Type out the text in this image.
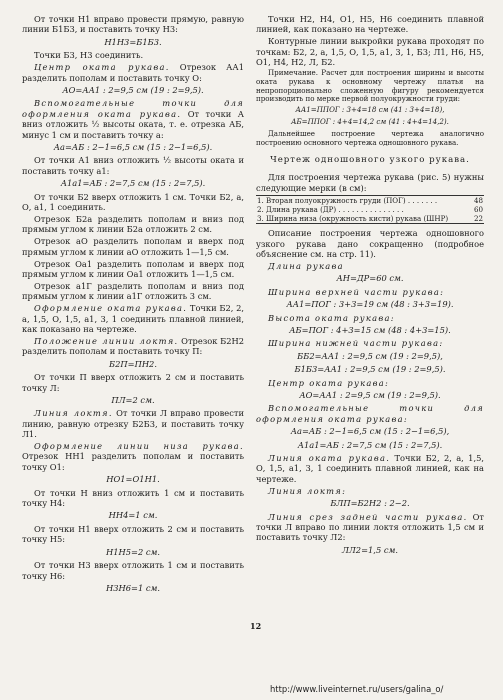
От точки Н1 вправо провести прямую, равную линии Б1Б3, и поставить точку Н3:

Н1Н3=Б1Б3.

Точки Б3, Н3 соединить.

Центр оката рукава. Отрезок АА1 разделить пополам и поставить точку О:

АО=АА1 : 2=9,5 см (19 : 2=9,5).

Вспомогательные точки для оформления оката рукава. От точки А вниз отложить ½ высоты оката, т. е. отрезка АБ, минус 1 см и поставить точку а:

Аа=АБ : 2−1=6,5 см (15 : 2−1=6,5).

От точки А1 вниз отложить ½ высоты оката и поставить точку а1:

А1а1=АБ : 2=7,5 см (15 : 2=7,5).

От точки Б2 вверх отложить 1 см. Точки Б2, а, О, а1, 1 соединить.

Отрезок Б2а разделить пополам и вниз под прямым углом к линии Б2а отложить 2 см.

Отрезок аО разделить пополам и вверх под прямым углом к линии аО отложить 1—1,5 см.

Отрезок Оа1 разделить пополам и вверх под прямым углом к линии Оа1 отложить 1—1,5 см.

Отрезок а1Г разделить пополам и вниз под прямым углом к линии а1Г отложить 3 см.

Оформление оката рукава. Точки Б2, 2, а, 1,5, О, 1,5, а1, 3, 1 соединить плавной линией, как показано на чертеже.

Положение линии локтя. Отрезок Б2Н2 разделить пополам и поставить точку П:

Б2П=ПН2.

От точки П вверх отложить 2 см и поставить точку Л:

ПЛ=2 см.

Линия локтя. От точки Л вправо провести линию, равную отрезку Б2Б3, и поставить точку Л1.

Оформление линии низа рукава. Отрезок НН1 разделить пополам и поставить точку О1:

НО1=О1Н1.

От точки Н вниз отложить 1 см и поставить точку Н4:

НН4=1 см.

От точки Н1 вверх отложить 2 см и поставить точку Н5:

Н1Н5=2 см.

От точки Н3 вверх отложить 1 см и поставить точку Н6:

Н3Н6=1 см.

Точки Н2, Н4, О1, Н5, Н6 соединить плавной линией, как показано на чертеже.

Контурные линии выкройки рукава проходят по точкам: Б2, 2, а, 1,5, О, 1,5, а1, 3, 1, Б3; Л1, Н6, Н5, О1, Н4, Н2, Л, Б2.

Примечание. Расчет для построения ширины и высоты оката рукава к основному чертежу платья на непропорционально сложенную фигуру рекомендуется производить по мерке первой полуокружности груди:

АА1=ППОГ : 3+4=18 см (41 : 3+4=18),

АБ=ППОГ : 4+4=14,2 см (41 : 4+4=14,2).

Дальнейшее построение чертежа аналогично построению основного чертежа одношовного рукава.

Чертеж одношовного узкого рукава.

Для построения чертежа рукава (рис. 5) нужны следующие мерки (в см):

1. Вторая полуокружность груди (ПОГ) . . . . . . .	48
2. Длина рукава (ДР) . . . . . . . . . . . . . . .	60
3. Ширина низа (окружность кисти) рукава (ШНР)	22

Описание построения чертежа одношовного узкого рукава дано сокращенно (подробное объяснение см. на стр. 11).

Длина рукава

АН=ДР=60 см.

Ширина верхней части рукава:

АА1=ПОГ : 3+3=19 см (48 : 3+3=19).

Высота оката рукава:

АБ=ПОГ : 4+3=15 см (48 : 4+3=15).

Ширина нижней части рукава:

ББ2=АА1 : 2=9,5 см (19 : 2=9,5),

Б1Б3=АА1 : 2=9,5 см (19 : 2=9,5).

Центр оката рукава:

АО=АА1 : 2=9,5 см (19 : 2=9,5).

Вспомогательные точки для оформления оката рукава:

Аа=АБ : 2−1=6,5 см (15 : 2−1=6,5),

А1а1=АБ : 2=7,5 см (15 : 2=7,5).

Линия оката рукава. Точки Б2, 2, а, 1,5, О, 1,5, а1, 3, 1 соединить плавной линией, как на чертеже.

Линия локтя:

БЛП=Б2Н2 : 2−2.

Линия срез задней части рукава. От точки Л вправо по линии локтя отложить 1,5 см и поставить точку Л2:

ЛЛ2=1,5 см.

12
http://www.liveinternet.ru/users/galina_o/
